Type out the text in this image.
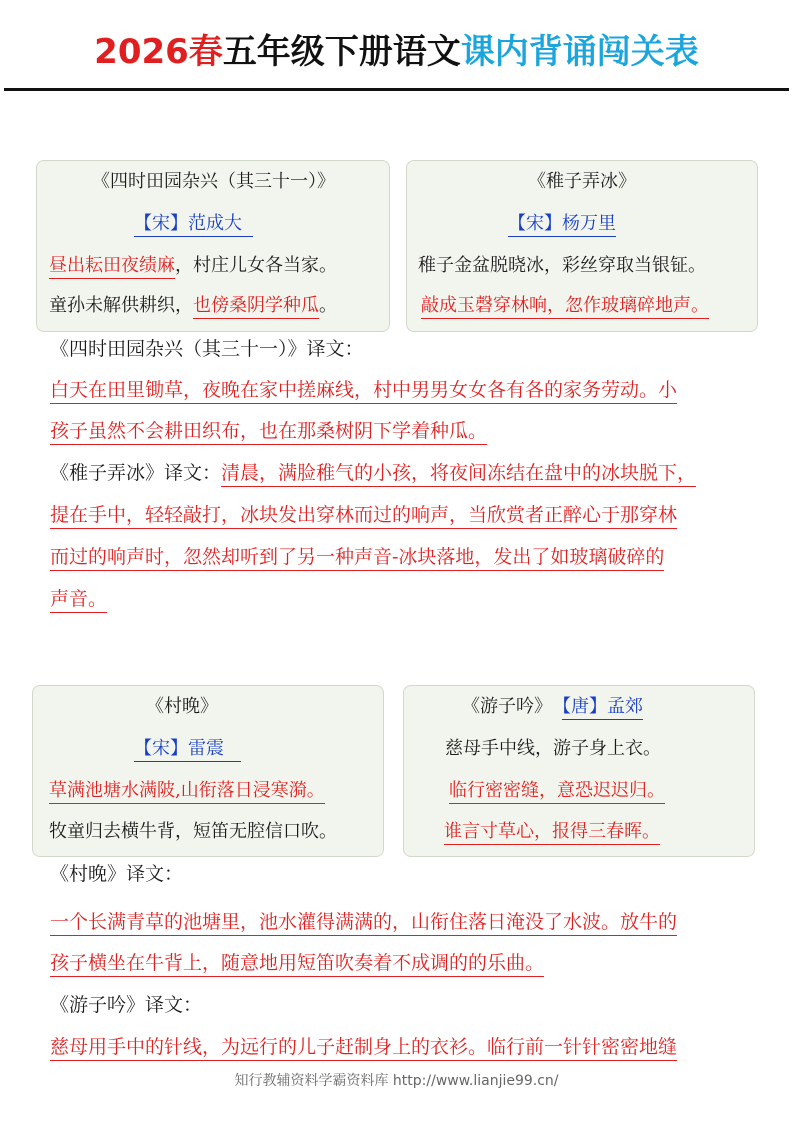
2026春五年级下册语文课内背诵闯关表
《四时田园杂兴（其三十一）》
【宋】范成大
昼出耘田夜绩麻，村庄儿女各当家。
童孙未解供耕织，也傍桑阴学种瓜。
《稚子弄冰》
【宋】杨万里
稚子金盆脱晓冰，彩丝穿取当银钲。
敲成玉磬穿林响，忽作玻璃碎地声。
《四时田园杂兴（其三十一）》译文：
白天在田里锄草，夜晚在家中搓麻线，村中男男女女各有各的家务劳动。小
孩子虽然不会耕田织布，也在那桑树阴下学着种瓜。
《稚子弄冰》译文：清晨，满脸稚气的小孩，将夜间冻结在盘中的冰块脱下，
提在手中，轻轻敲打，冰块发出穿林而过的响声，当欣赏者正醉心于那穿林
而过的响声时，忽然却听到了另一种声音-冰块落地，发出了如玻璃破碎的
声音。
《村晚》
【宋】雷震
草满池塘水满陂,山衔落日浸寒漪。
牧童归去横牛背，短笛无腔信口吹。
《游子吟》 【唐】孟郊
慈母手中线，游子身上衣。
临行密密缝，意恐迟迟归。
谁言寸草心，报得三春晖。
《村晚》译文：
一个长满青草的池塘里，池水灌得满满的，山衔住落日淹没了水波。放牛的
孩子横坐在牛背上，随意地用短笛吹奏着不成调的的乐曲。
《游子吟》译文：
慈母用手中的针线，为远行的儿子赶制身上的衣衫。临行前一针针密密地缝
知行教辅资料学霸资料库 http://www.lianjie99.cn/
